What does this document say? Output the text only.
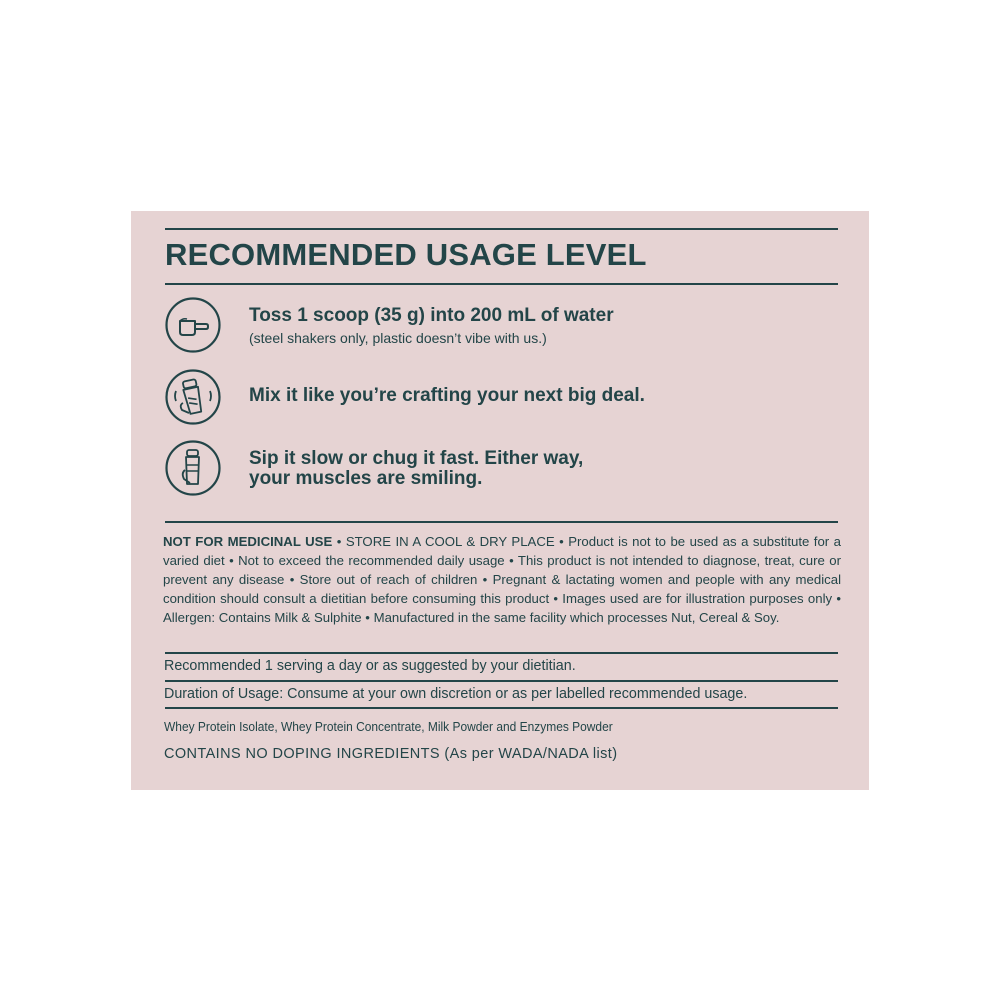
RECOMMENDED USAGE LEVEL
Toss 1 scoop (35 g) into 200 mL of water
(steel shakers only, plastic doesn’t vibe with us.)
Mix it like you’re crafting your next big deal.
Sip it slow or chug it fast. Either way,
your muscles are smiling.

NOT FOR MEDICINAL USE • STORE IN A COOL & DRY PLACE • Product is not to be used as a substitute for a varied diet • Not to exceed the recommended daily usage • This product is not intended to diagnose, treat, cure or prevent any disease • Store out of reach of children • Pregnant & lactating women and people with any medical condition should consult a dietitian before consuming this product • Images used are for illustration purposes only • Allergen: Contains Milk & Sulphite • Manufactured in the same facility which processes Nut, Cereal & Soy.

Recommended 1 serving a day or as suggested by your dietitian.
Duration of Usage: Consume at your own discretion or as per labelled recommended usage.
Whey Protein Isolate, Whey Protein Concentrate, Milk Powder and Enzymes Powder
CONTAINS NO DOPING INGREDIENTS (As per WADA/NADA list)
